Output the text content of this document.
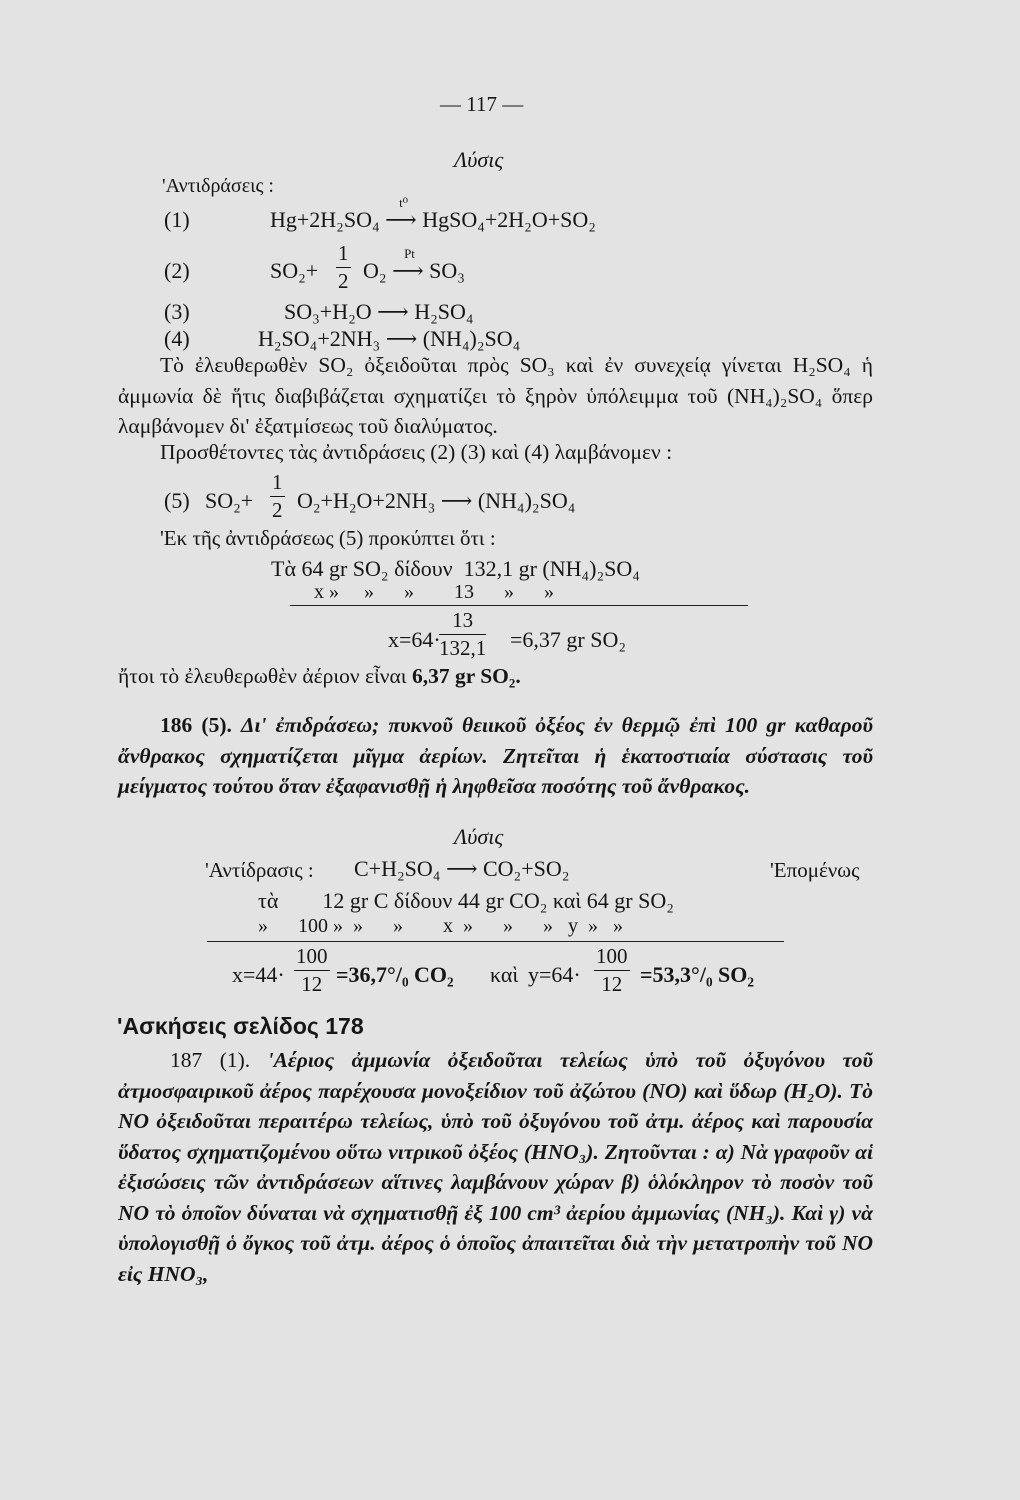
— 117 —
Λύσις
'Αντιδράσεις :
(1)	Hg+2H₂SO₄
t⁰
⟶ HgSO₄+2H₂O+SO₂
(2)	$SO_2+ \frac{1}{2} O_2$
Pt
⟶ SO₃
(3)	SO₃+H₂O ⟶ H₂SO₄
(4)	H₂SO₄+2NH₃ ⟶ (NH₄)₂SO₄
Τὸ ἐλευθερωθὲν SO₂ ὀξειδοῦται πρὸς SO₃ καὶ ἐν συνεχείᾳ γίνεται H₂SO₄ ἡ ἀμμωνία δὲ ἥτις διαβιβάζεται σχηματίζει τὸ ξηρὸν ὑπόλειμμα τοῦ (NH₄)₂SO₄ ὅπερ λαμβάνομεν δι' ἐξατμίσεως τοῦ διαλύματος.
Προσθέτοντες τὰς ἀντιδράσεις (2) (3) καὶ (4) λαμβάνομεν :
(5) $SO_2+ \frac{1}{2} O_2+H_2O+2NH_3$ ⟶ (NH₄)₂SO₄
'Εκ τῆς ἀντιδράσεως (5) προκύπτει ὅτι :
Τὰ 64 gr SO₂ δίδουν  132,1 gr (NH₄)₂SO₄
x »     »      »        13      »      »
x=64·
$\frac{13}{132,1} =6,37$ gr SO₂
ἤτοι τὸ ἐλευθερωθὲν ἀέριον εἶναι 6,37 gr SO₂.
186 (5). Δι' ἐπιδράσεω; πυκνοῦ θειικοῦ ὀξέος ἐν θερμῷ ἐπὶ 100 gr καθαροῦ ἄνθρακος σχηματίζεται μῖγμα ἀερίων. Ζητεῖται ἡ ἑκατοστιαία σύστασις τοῦ μείγματος τούτου ὅταν ἐξαφανισθῇ ἡ ληφθεῖσα ποσότης τοῦ ἄνθρακος.
Λύσις
'Αντίδρασις : C+H₂SO₄ ⟶ CO₂+SO₂	'Επομένως
τὰ        12 gr C δίδουν 44 gr CO₂ καὶ 64 gr SO₂
»      100 »  »      »        x  »      »      »   y  »   »
$x=44\cdot \frac{100}{12} =36,7^\circ/_0$ CO₂ καὶ $y=64\cdot \frac{100}{12} =53,3^\circ/_0$ SO₂
'Ασκήσεις σελίδος 178
187 (1). 'Αέριος ἀμμωνία ὀξειδοῦται τελείως ὑπὸ τοῦ ὀξυγόνου τοῦ ἀτμοσφαιρικοῦ ἀέρος παρέχουσα μονοξείδιον τοῦ ἀζώτου (NO) καὶ ὕδωρ (H₂O). Τὸ NO ὀξειδοῦται περαιτέρω τελείως, ὑπὸ τοῦ ὀξυγόνου τοῦ ἀτμ. ἀέρος καὶ παρουσία ὕδατος σχηματιζομένου οὕτω νιτρικοῦ ὀξέος (HNO₃). Ζητοῦνται : α) Νὰ γραφοῦν αἱ ἐξισώσεις τῶν ἀντιδράσεων αἵτινες λαμβάνουν χώραν β) ὁλόκληρον τὸ ποσὸν τοῦ NO τὸ ὁποῖον δύναται νὰ σχηματισθῇ ἐξ 100 cm³ ἀερίου ἀμμωνίας (NH₃). Καὶ γ) νὰ ὑπολογισθῇ ὁ ὄγκος τοῦ ἀτμ. ἀέρος ὁ ὁποῖος ἀπαιτεῖται διὰ τὴν μετατροπὴν τοῦ NO εἰς HNO₃,
